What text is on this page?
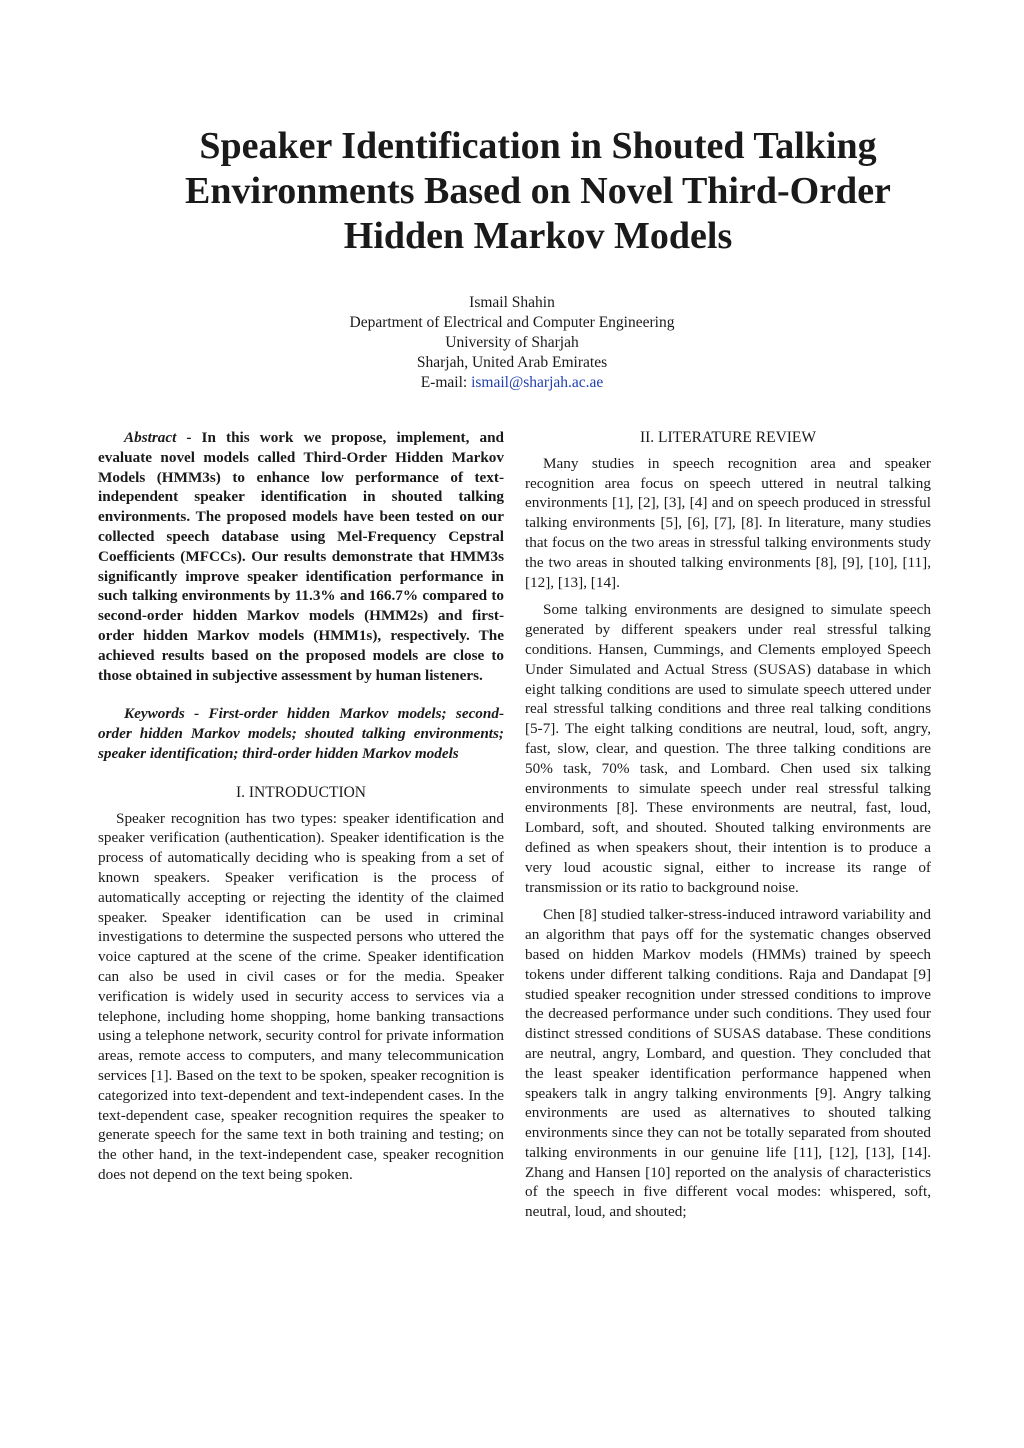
Speaker Identification in Shouted Talking
Environments Based on Novel Third-Order
Hidden Markov Models
Ismail Shahin
Department of Electrical and Computer Engineering
University of Sharjah
Sharjah, United Arab Emirates
E-mail: ismail@sharjah.ac.ae

Abstract - In this work we propose, implement, and evaluate novel models called Third-Order Hidden Markov Models (HMM3s) to enhance low performance of text-independent speaker identification in shouted talking environments. The proposed models have been tested on our collected speech database using Mel-Frequency Cepstral Coefficients (MFCCs). Our results demonstrate that HMM3s significantly improve speaker identification performance in such talking environments by 11.3% and 166.7% compared to second-order hidden Markov models (HMM2s) and first-order hidden Markov models (HMM1s), respectively. The achieved results based on the proposed models are close to those obtained in subjective assessment by human listeners.

Keywords - First-order hidden Markov models; second-order hidden Markov models; shouted talking environments; speaker identification; third-order hidden Markov models

I. INTRODUCTION

Speaker recognition has two types: speaker identification and speaker verification (authentication). Speaker identification is the process of automatically deciding who is speaking from a set of known speakers. Speaker verification is the process of automatically accepting or rejecting the identity of the claimed speaker. Speaker identification can be used in criminal investigations to determine the suspected persons who uttered the voice captured at the scene of the crime. Speaker identification can also be used in civil cases or for the media. Speaker verification is widely used in security access to services via a telephone, including home shopping, home banking transactions using a telephone network, security control for private information areas, remote access to computers, and many telecommunication services [1]. Based on the text to be spoken, speaker recognition is categorized into text-dependent and text-independent cases. In the text-dependent case, speaker recognition requires the speaker to generate speech for the same text in both training and testing; on the other hand, in the text-independent case, speaker recognition does not depend on the text being spoken.

II. LITERATURE REVIEW

Many studies in speech recognition area and speaker recognition area focus on speech uttered in neutral talking environments [1], [2], [3], [4] and on speech produced in stressful talking environments [5], [6], [7], [8]. In literature, many studies that focus on the two areas in stressful talking environments study the two areas in shouted talking environments [8], [9], [10], [11], [12], [13], [14].

Some talking environments are designed to simulate speech generated by different speakers under real stressful talking conditions. Hansen, Cummings, and Clements employed Speech Under Simulated and Actual Stress (SUSAS) database in which eight talking conditions are used to simulate speech uttered under real stressful talking conditions and three real talking conditions [5-7]. The eight talking conditions are neutral, loud, soft, angry, fast, slow, clear, and question. The three talking conditions are 50% task, 70% task, and Lombard. Chen used six talking environments to simulate speech under real stressful talking environments [8]. These environments are neutral, fast, loud, Lombard, soft, and shouted. Shouted talking environments are defined as when speakers shout, their intention is to produce a very loud acoustic signal, either to increase its range of transmission or its ratio to background noise.

Chen [8] studied talker-stress-induced intraword variability and an algorithm that pays off for the systematic changes observed based on hidden Markov models (HMMs) trained by speech tokens under different talking conditions. Raja and Dandapat [9] studied speaker recognition under stressed conditions to improve the decreased performance under such conditions. They used four distinct stressed conditions of SUSAS database. These conditions are neutral, angry, Lombard, and question. They concluded that the least speaker identification performance happened when speakers talk in angry talking environments [9]. Angry talking environments are used as alternatives to shouted talking environments since they can not be totally separated from shouted talking environments in our genuine life [11], [12], [13], [14]. Zhang and Hansen [10] reported on the analysis of characteristics of the speech in five different vocal modes: whispered, soft, neutral, loud, and shouted;
